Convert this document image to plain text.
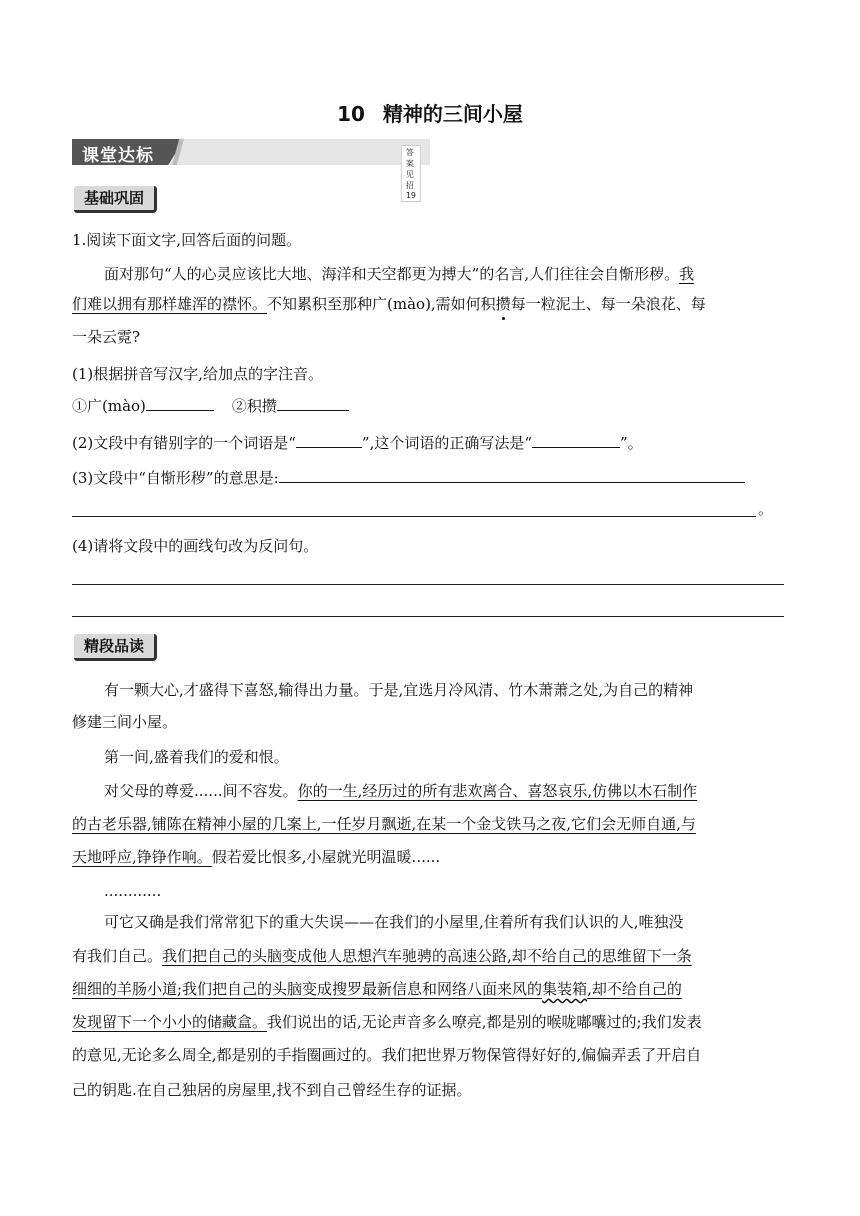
10 精神的三间小屋
课堂达标	答案见招19
基础巩固
1.阅读下面文字,回答后面的问题。
面对那句“人的心灵应该比大地、海洋和天空都更为搏大”的名言,人们往往会自惭形秽。我
们难以拥有那样雄浑的襟怀。不知累积至那种广(mào),需如何积攒每一粒泥土、每一朵浪花、每
一朵云霓?
(1)根据拼音写汉字,给加点的字注音。
①广(mào)	②积攒
(2)文段中有错别字的一个词语是“	”,这个词语的正确写法是“	”。
(3)文段中“自惭形秽”的意思是:
。
(4)请将文段中的画线句改为反问句。
精段品读
有一颗大心,才盛得下喜怒,输得出力量。于是,宜选月冷风清、竹木萧萧之处,为自己的精神
修建三间小屋。
第一间,盛着我们的爱和恨。
对父母的尊爱......间不容发。你的一生,经历过的所有悲欢离合、喜怒哀乐,仿佛以木石制作
的古老乐器,铺陈在精神小屋的几案上,一任岁月飘逝,在某一个金戈铁马之夜,它们会无师自通,与
天地呼应,铮铮作响。假若爱比恨多,小屋就光明温暖......
............
可它又确是我们常常犯下的重大失误——在我们的小屋里,住着所有我们认识的人,唯独没
有我们自己。我们把自己的头脑变成他人思想汽车驰骋的高速公路,却不给自己的思维留下一条
细细的羊肠小道;我们把自己的头脑变成搜罗最新信息和网络八面来风的集装箱,却不给自己的
发现留下一个小小的储藏盒。我们说出的话,无论声音多么嘹亮,都是别的喉咙嘟囔过的;我们发表
的意见,无论多么周全,都是别的手指圈画过的。我们把世界万物保管得好好的,偏偏弄丢了开启自
己的钥匙.在自己独居的房屋里,找不到自己曾经生存的证据。
